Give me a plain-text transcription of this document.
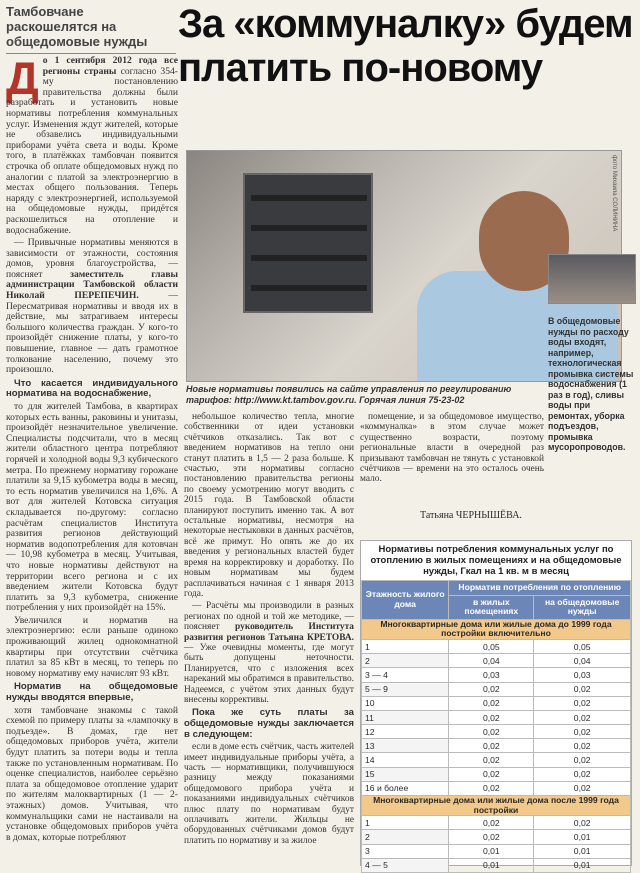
Тамбовчане раскошелятся на общедомовые нужды За «коммуналку» будем платить по-новому
Д о 1 сентября 2012 года все регионы страны согласно 354-му постановлению правительства должны были разработать и установить новые нормативы потребления коммунальных услуг. Изменения ждут жителей, которые не обзавелись индивидуальными приборами учёта света и воды. Кроме того, в платёжках тамбовчан появится строчка об оплате общедомовых нужд по аналогии с платой за электроэнергию в местах общего пользования. Теперь наряду с электроэнергией, используемой на общедомовые нужды, придётся раскошелиться на отопление и водоснабжение.

— Привычные нормативы меняются в зависимости от этажности, состояния домов, уровня благоустройства, — поясняет	заместитель главы администрации Тамбовской области Николай ПЕРЕПЕЧИН.	— Пересматривая нормативы и вводя их в действие, мы затрагиваем интересы большого количества граждан. У кого-то произойдёт снижение платы, у кого-то повышение, главное — дать грамотное толкование населению, почему это произошло.

Что касается индивидуального норматива на водоснабжение,

то для жителей Тамбова, в квартирах которых есть ванны, раковины и унитазы, произойдёт незначительное увеличение. Специалисты подсчитали, что в месяц жители областного центра потребляют горячей и холодной воды 9,3 кубического метра. По прежнему нормативу горожане платили за 9,15 кубометра воды в месяц, то есть норматив увеличился на 1,6%. А вот для жителей Котовска ситуация складывается по-другому: согласно расчётам специалистов Института развития регионов действующий норматив водопотребления для котовчан — 10,98 кубометра в месяц. Учитывая, что новые нормативы действуют на территории всего региона и с их введением жители Котовска будут платить за 9,3 кубометра, снижение потребления у них произойдёт на 15%.

Увеличился и норматив на электроэнергию: если раньше одиноко проживающий жилец однокомнатной квартиры при отсутствии счётчика платил за 85 кВт в месяц, то теперь по новому нормативу ему начислят 93 кВт.

Норматив на общедомовые нужды вводятся впервые,

хотя тамбовчане знакомы с такой схемой по примеру платы за «лампочку в подъезде». В домах, где нет общедомовых приборов учёта, жители будут платить за потери воды и тепла также по установленным нормативам. По оценке специалистов, наиболее серьёзно плата за общедомовое отопление ударит по жителям малоквартирных (1 — 2-этажных) домов. Учитывая, что коммунальщики сами не настаивали на установке общедомовых приборов учёта в домах, которые потребляют

фото Михаила СОЛИНИНА
Новые нормативы появились на сайте управления по регулированию тарифов: http://www.kt.tambov.gov.ru. Горячая линия 75-23-02
В общедомовые нужды по расходу воды входят, например, технологическая промывка системы водоснабжения (1 раз в год), сливы воды при ремонтах, уборка подъездов, промывка мусоропроводов.

небольшое количество тепла, многие собственники от идеи установки счётчиков отказались. Так вот с введением нормативов на тепло они станут платить в 1,5 — 2 раза больше. К счастью, эти нормативы согласно постановлению правительства регионы по своему усмотрению могут вводить с 2015 года. В Тамбовской области планируют поступить именно так. А вот остальные нормативы, несмотря на некоторые нестыковки в данных расчётов, всё же примут. Но опять же до их введения у региональных властей будет время на корректировку и доработку. По новым нормативам мы будем расплачиваться начиная с 1 января 2013 года.

— Расчёты мы производили в разных регионах по одной и той же методике, — поясняет руководитель Института развития регионов Татьяна КРЕТОВА. — Уже очевидны моменты, где могут быть допущены неточности. Планируется, что с изложения всех нареканий мы обратимся в правительство. Надеемся, с учётом этих данных будут внесены коррективы.

Пока же суть платы за общедомовые нужды заключается в следующем:

если в доме есть счётчик, часть жителей имеет индивидуальные приборы учёта, а часть — нормативщики, получившуюся разницу между показаниями общедомового прибора учёта и показаниями индивидуальных счётчиков плюс плату по нормативам будут оплачивать жители. Жильцы не оборудованных счётчиками домов будут платить по нормативу и за жилое

помещение, и за общедомовое имущество, «коммуналка» в этом случае может существенно возрасти, поэтому региональные власти в очередной раз призывают тамбовчан не тянуть с установкой счётчиков — времени на это осталось очень мало.

Татьяна ЧЕРНЫШЁВА.
Нормативы потребления коммунальных услуг по отоплению в жилых помещениях и на общедомовые нужды, Гкал на 1 кв. м в месяц
Этажность жилого дома	Норматив потребления по отоплению	
	в жилых помещениях	на общедомовые нужды
Многоквартирные дома или жилые дома до 1999 года постройки включительно		
1	0,05	0,05
2	0,04	0,04
3 — 4	0,03	0,03
5 — 9	0,02	0,02
10	0,02	0,02
11	0,02	0,02
12	0,02	0,02
13	0,02	0,02
14	0,02	0,02
15	0,02	0,02
16 и более	0,02	0,02
Многоквартирные дома или жилые дома после 1999 года постройки		
1	0,02	0,02
2	0,02	0,01
3	0,01	0,01
4 — 5	0,01	0,01
